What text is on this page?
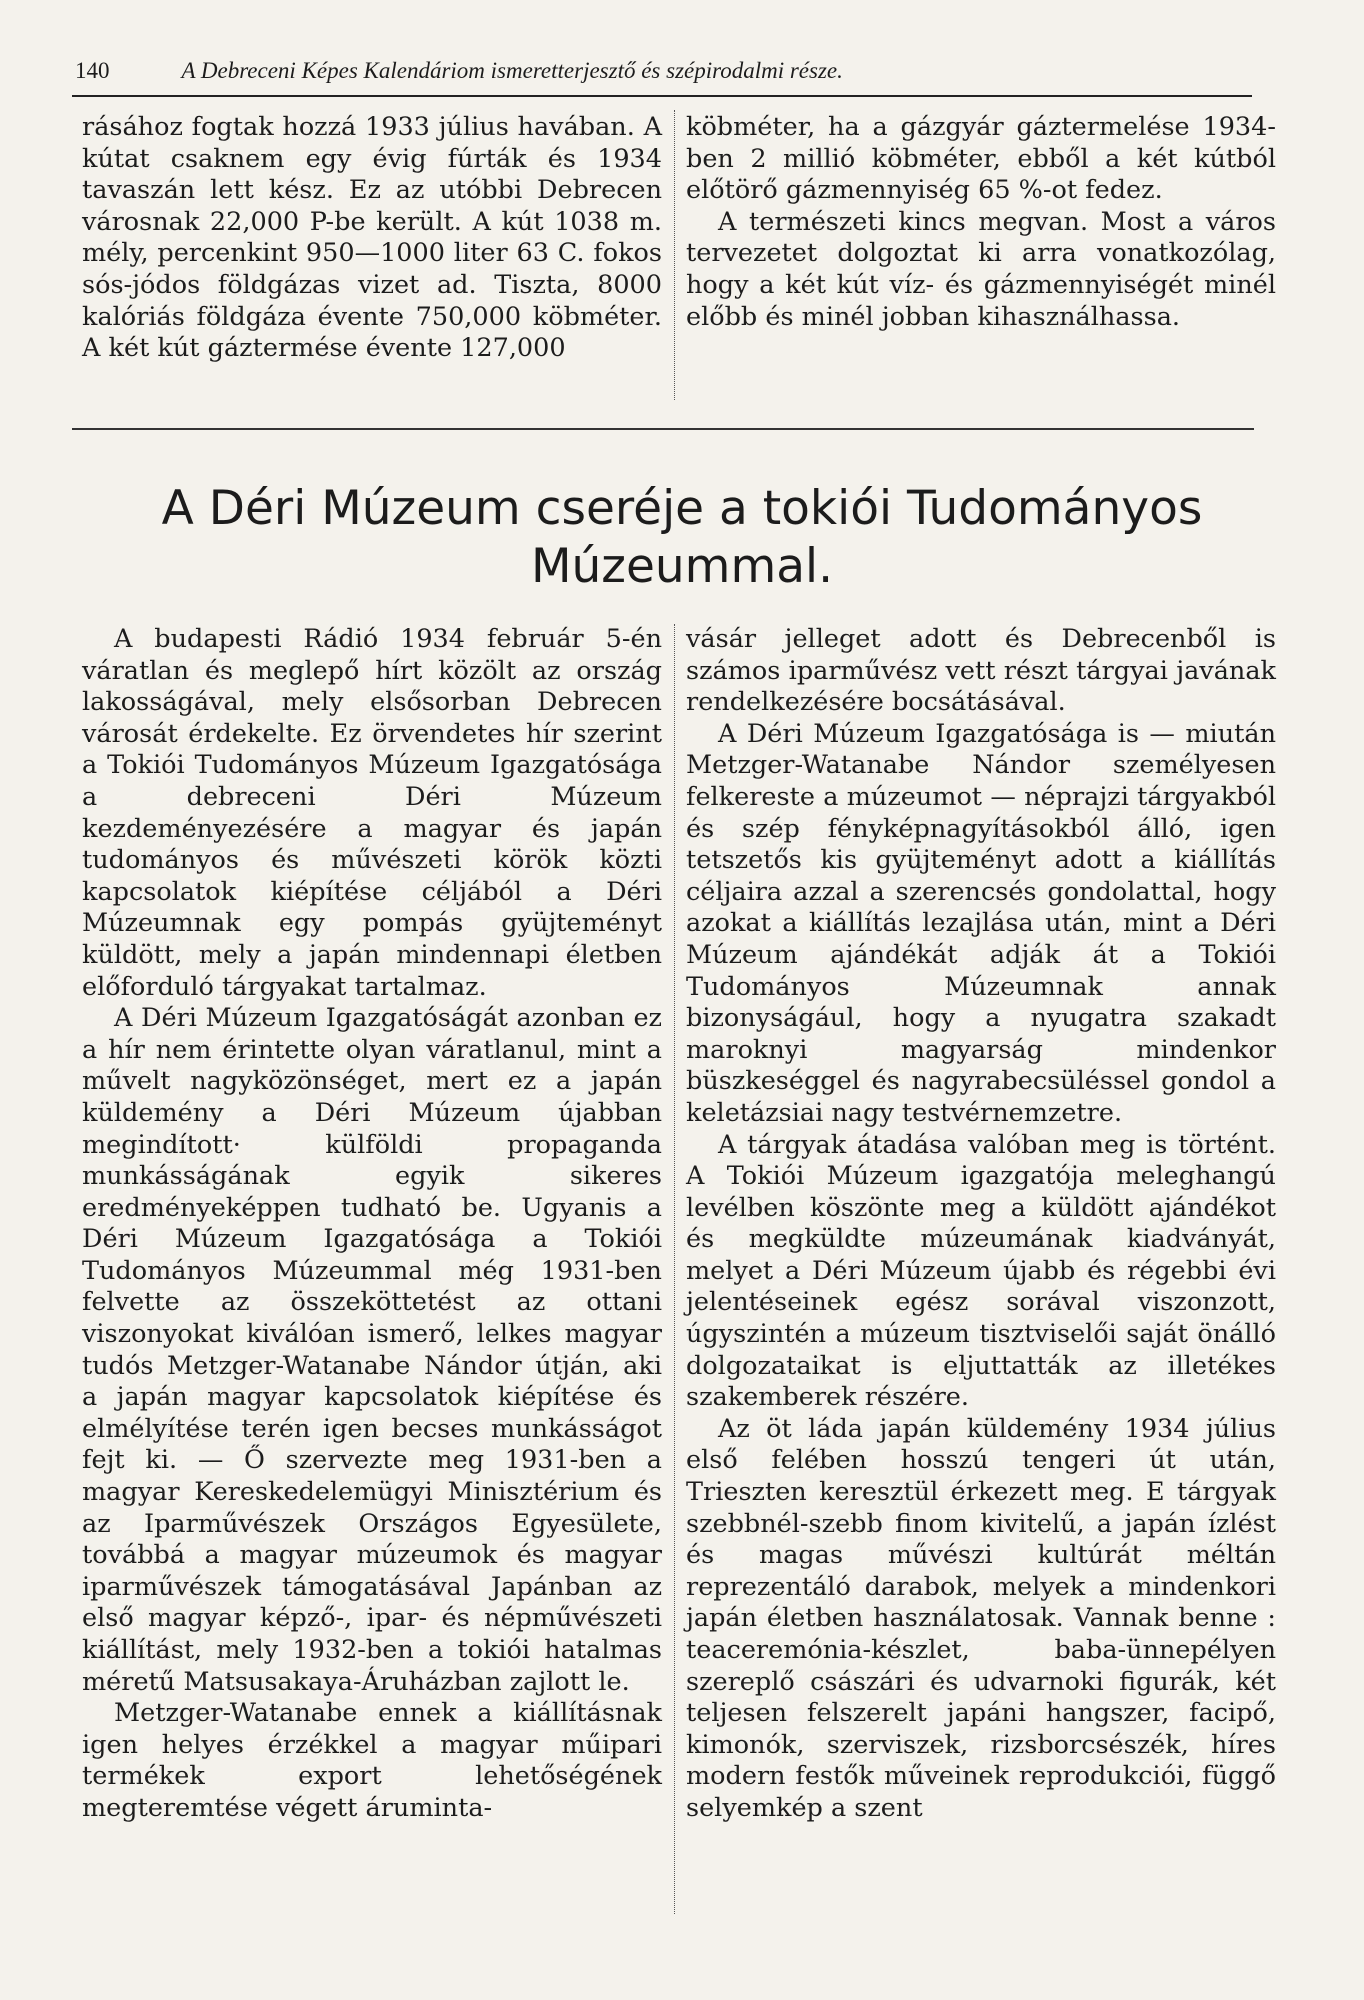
140	A Debreceni Képes Kalendáriom ismeretterjesztő és szépirodalmi része.

rásához fogtak hozzá 1933 július havában. A kútat csaknem egy évig fúrták és 1934 tavaszán lett kész. Ez az utóbbi Debrecen városnak 22,000 P-be került. A kút 1038 m. mély, percenkint 950—1000 liter 63 C. fokos sós-jódos földgázas vizet ad. Tiszta, 8000 kalóriás földgáza évente 750,000 köbméter. A két kút gáztermése évente 127,000

köbméter, ha a gázgyár gáztermelése 1934-ben 2 millió köbméter, ebből a két kútból előtörő gázmennyiség 65 %-ot fedez.

A természeti kincs megvan. Most a város tervezetet dolgoztat ki arra vonatkozólag, hogy a két kút víz- és gázmennyiségét minél előbb és minél jobban kihasználhassa.

A Déri Múzeum cseréje a tokiói Tudományos Múzeummal.

A budapesti Rádió 1934 február 5-én váratlan és meglepő hírt közölt az ország lakosságával, mely elsősorban Debrecen városát érdekelte. Ez örvendetes hír szerint a Tokiói Tudományos Múzeum Igazgatósága a debreceni Déri Múzeum kezdeményezésére a magyar és japán tudományos és művészeti körök közti kapcsolatok kiépítése céljából a Déri Múzeumnak egy pompás gyüjteményt küldött, mely a japán mindennapi életben előforduló tárgyakat tartalmaz.

A Déri Múzeum Igazgatóságát azonban ez a hír nem érintette olyan váratlanul, mint a művelt nagyközönséget, mert ez a japán küldemény a Déri Múzeum újabban megindított· külföldi propaganda munkásságának egyik sikeres eredményeképpen tudható be. Ugyanis a Déri Múzeum Igazgatósága a Tokiói Tudományos Múzeummal még 1931-ben felvette az összeköttetést az ottani viszonyokat kiválóan ismerő, lelkes magyar tudós Metzger-Watanabe Nándor útján, aki a japán magyar kapcsolatok kiépítése és elmélyítése terén igen becses munkásságot fejt ki. — Ő szervezte meg 1931-ben a magyar Kereskedelemügyi Minisztérium és az Iparművészek Országos Egyesülete, továbbá a magyar múzeumok és magyar iparművészek támogatásával Japánban az első magyar képző-, ipar- és népművészeti kiállítást, mely 1932-ben a tokiói hatalmas méretű Matsusakaya-Áruházban zajlott le.

Metzger-Watanabe ennek a kiállításnak igen helyes érzékkel a magyar műipari termékek export lehetőségének megteremtése végett áruminta-

vásár jelleget adott és Debrecenből is számos iparművész vett részt tárgyai javának rendelkezésére bocsátásával.

A Déri Múzeum Igazgatósága is — miután Metzger-Watanabe Nándor személyesen felkereste a múzeumot — néprajzi tárgyakból és szép fényképnagyításokból álló, igen tetszetős kis gyüjteményt adott a kiállítás céljaira azzal a szerencsés gondolattal, hogy azokat a kiállítás lezajlása után, mint a Déri Múzeum ajándékát adják át a Tokiói Tudományos Múzeumnak annak bizonyságául, hogy a nyugatra szakadt maroknyi magyarság mindenkor büszkeséggel és nagyrabecsüléssel gondol a keletázsiai nagy testvérnemzetre.

A tárgyak átadása valóban meg is történt. A Tokiói Múzeum igazgatója meleghangú levélben köszönte meg a küldött ajándékot és megküldte múzeumának kiadványát, melyet a Déri Múzeum újabb és régebbi évi jelentéseinek egész sorával viszonzott, úgyszintén a múzeum tisztviselői saját önálló dolgozataikat is eljuttatták az illetékes szakemberek részére.

Az öt láda japán küldemény 1934 július első felében hosszú tengeri út után, Trieszten keresztül érkezett meg. E tárgyak szebbnél-szebb finom kivitelű, a japán ízlést és magas művészi kultúrát méltán reprezentáló darabok, melyek a mindenkori japán életben használatosak. Vannak benne : teaceremónia-készlet, baba-ünnepélyen szereplő császári és udvarnoki figurák, két teljesen felszerelt japáni hangszer, facipő, kimonók, szerviszek, rizsborcsészék, híres modern festők műveinek reprodukciói, függő selyemkép a szent
